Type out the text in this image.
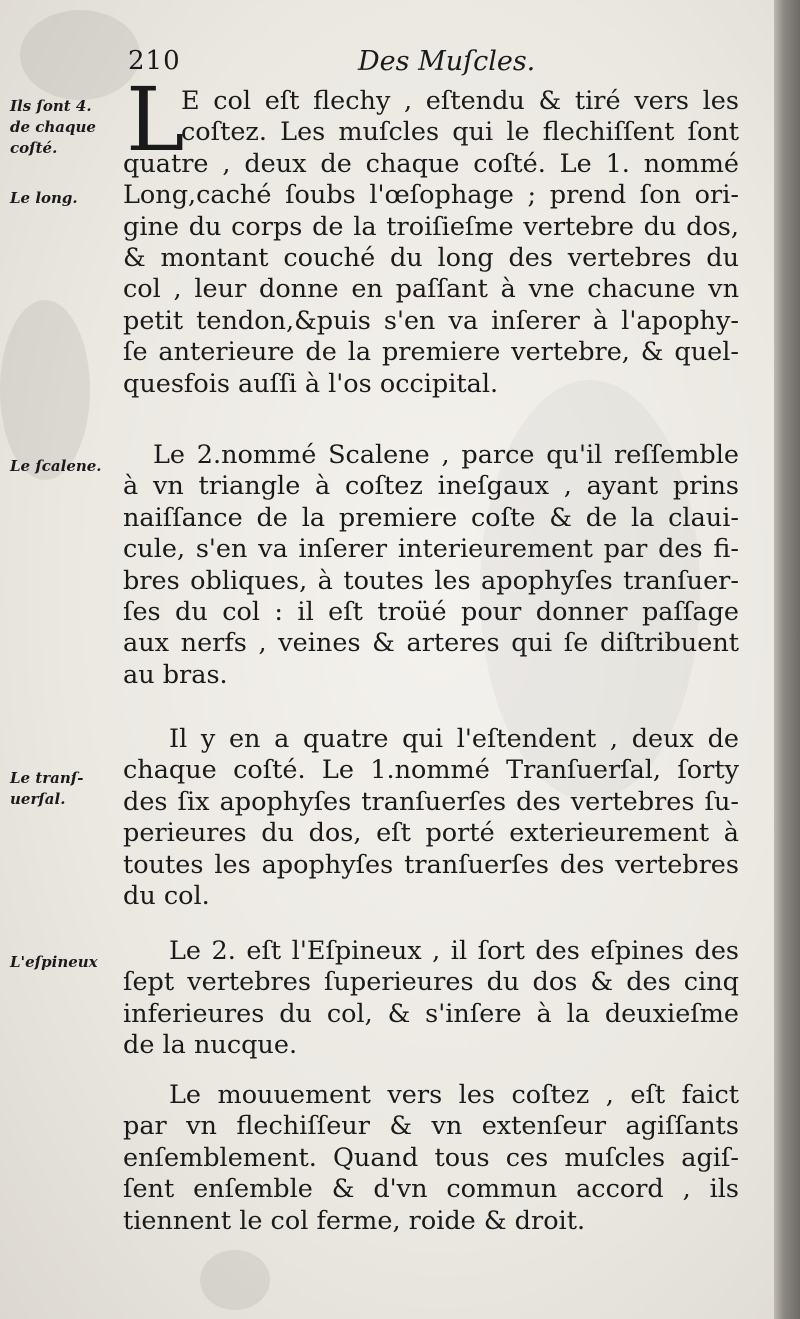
210	Des Muſcles.
Ils ſont 4.
de chaque
coſté.
Le long.
Le ſcalene.
Le tranſ-
uerſal.
L'eſpineux
L
E col eſt flechy , eſtendu & tiré vers les
coſtez. Les muſcles qui le flechiſſent ſont
quatre , deux de chaque coſté. Le 1. nommé
Long,caché ſoubs l'œſophage ; prend ſon ori-
gine du corps de la troiſieſme vertebre du dos,
& montant couché du long des vertebres du
col , leur donne en paſſant à vne chacune vn
petit tendon,&puis s'en va inſerer à l'apophy-
ſe anterieure de la premiere vertebre, & quel-
quesfois auſſi à l'os occipital.
Le 2.nommé Scalene , parce qu'il reſſemble
à vn triangle à coſtez ineſgaux , ayant prins
naiſſance de la premiere coſte & de la claui-
cule, s'en va inſerer interieurement par des fi-
bres obliques, à toutes les apophyſes tranſuer-
ſes du col : il eſt troüé pour donner paſſage
aux nerfs , veines & arteres qui ſe diſtribuent
au bras.
Il y en a quatre qui l'eſtendent , deux de
chaque coſté. Le 1.nommé Tranſuerſal, ſorty
des ſix apophyſes tranſuerſes des vertebres ſu-
perieures du dos, eſt porté exterieurement à
toutes les apophyſes tranſuerſes des vertebres
du col.
Le 2. eſt l'Eſpineux , il ſort des eſpines des
ſept vertebres ſuperieures du dos & des cinq
inferieures du col, & s'inſere à la deuxieſme
de la nucque.
Le mouuement vers les coſtez , eſt faict
par vn flechiſſeur & vn extenſeur agiſſants
enſemblement. Quand tous ces muſcles agiſ-
ſent enſemble & d'vn commun accord , ils
tiennent le col ferme, roide & droit.
